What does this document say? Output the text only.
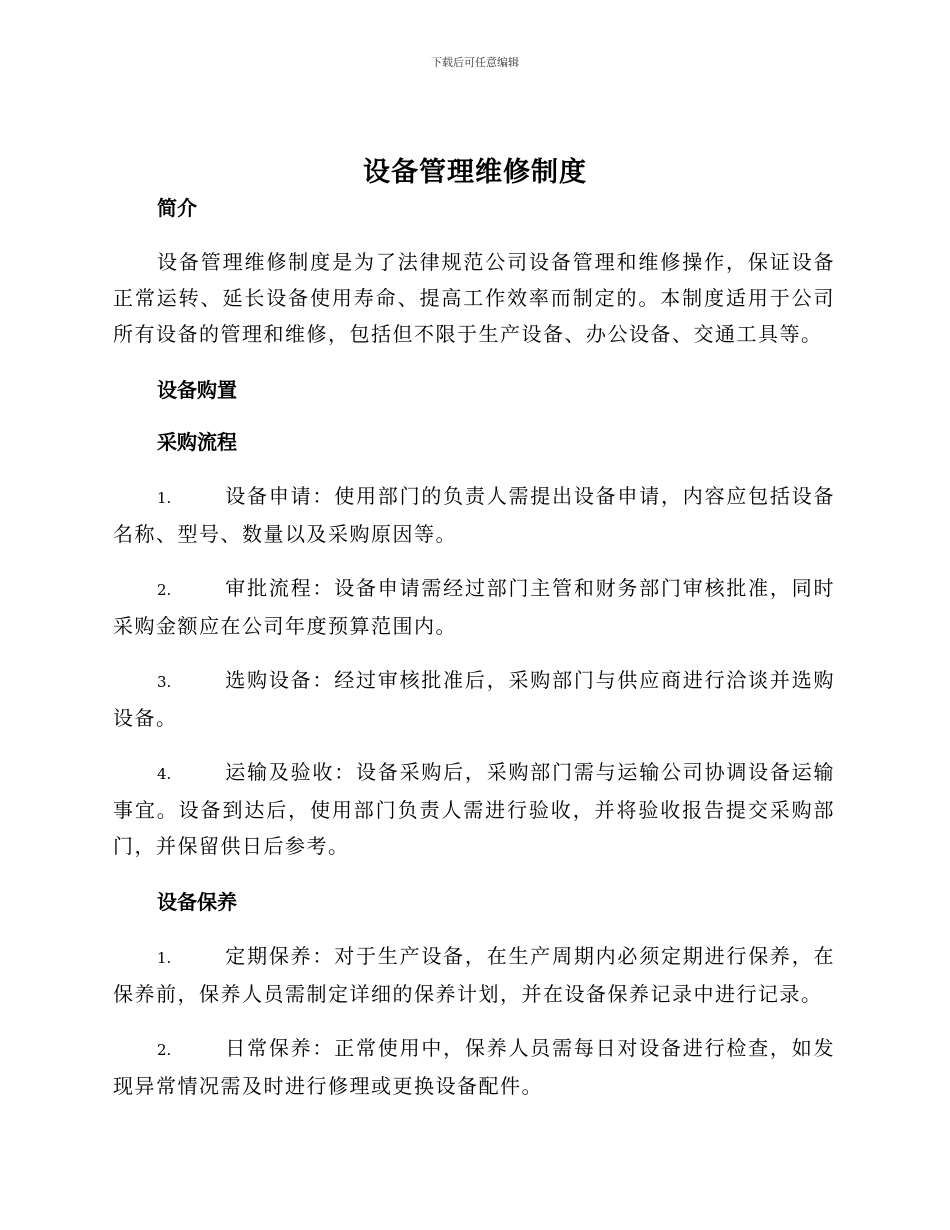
下载后可任意编辑
设备管理维修制度

简介

设备管理维修制度是为了法律规范公司设备管理和维修操作，保证设备正常运转、延长设备使用寿命、提高工作效率而制定的。本制度适用于公司所有设备的管理和维修，包括但不限于生产设备、办公设备、交通工具等。

设备购置

采购流程

1.	设备申请：使用部门的负责人需提出设备申请，内容应包括设备名称、型号、数量以及采购原因等。

2.	审批流程：设备申请需经过部门主管和财务部门审核批准，同时采购金额应在公司年度预算范围内。

3.	选购设备：经过审核批准后，采购部门与供应商进行洽谈并选购设备。

4.	运输及验收：设备采购后，采购部门需与运输公司协调设备运输事宜。设备到达后，使用部门负责人需进行验收，并将验收报告提交采购部门，并保留供日后参考。

设备保养

1.	定期保养：对于生产设备，在生产周期内必须定期进行保养，在保养前，保养人员需制定详细的保养计划，并在设备保养记录中进行记录。

2.	日常保养：正常使用中，保养人员需每日对设备进行检查，如发现异常情况需及时进行修理或更换设备配件。
